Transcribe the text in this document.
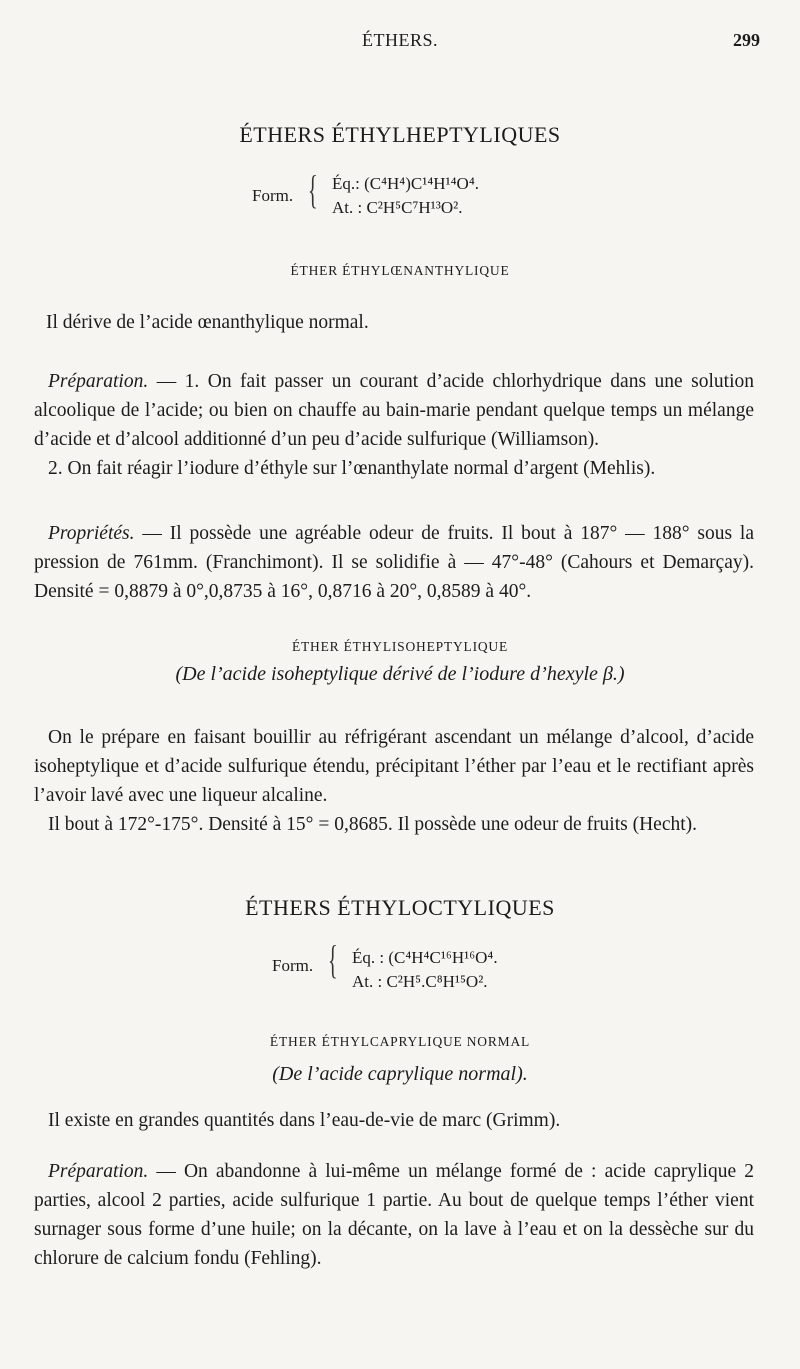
ÉTHERS.	299
ÉTHERS ÉTHYLHEPTYLIQUES
Form. { Éq.: (C⁴H⁴)C¹⁴H¹⁴O⁴.
At. : C²H⁵C⁷H¹³O².
ÉTHER ÉTHYLŒNANTHYLIQUE

Il dérive de l’acide œnanthylique normal.

Préparation. — 1. On fait passer un courant d’acide chlorhydrique dans une solution alcoolique de l’acide; ou bien on chauffe au bain-marie pendant quelque temps un mélange d’acide et d’alcool additionné d’un peu d’acide sulfurique (Williamson).

2. On fait réagir l’iodure d’éthyle sur l’œnanthylate normal d’argent (Mehlis).

Propriétés. — Il possède une agréable odeur de fruits. Il bout à 187° — 188° sous la pression de 761mm. (Franchimont). Il se solidifie à — 47°-48° (Cahours et Demarçay). Densité = 0,8879 à 0°,0,8735 à 16°, 0,8716 à 20°, 0,8589 à 40°.

ÉTHER ÉTHYLISOHEPTYLIQUE
(De l’acide isoheptylique dérivé de l’iodure d’hexyle β.)

On le prépare en faisant bouillir au réfrigérant ascendant un mélange d’alcool, d’acide isoheptylique et d’acide sulfurique étendu, précipitant l’éther par l’eau et le rectifiant après l’avoir lavé avec une liqueur alcaline.

Il bout à 172°-175°. Densité à 15° = 0,8685. Il possède une odeur de fruits (Hecht).

ÉTHERS ÉTHYLOCTYLIQUES
Form. { Éq. : (C⁴H⁴C¹⁶H¹⁶O⁴.
At. : C²H⁵.C⁸H¹⁵O².
ÉTHER ÉTHYLCAPRYLIQUE NORMAL
(De l’acide caprylique normal).

Il existe en grandes quantités dans l’eau-de-vie de marc (Grimm).

Préparation. — On abandonne à lui-même un mélange formé de : acide caprylique 2 parties, alcool 2 parties, acide sulfurique 1 partie. Au bout de quelque temps l’éther vient surnager sous forme d’une huile; on la décante, on la lave à l’eau et on la dessèche sur du chlorure de calcium fondu (Fehling).
